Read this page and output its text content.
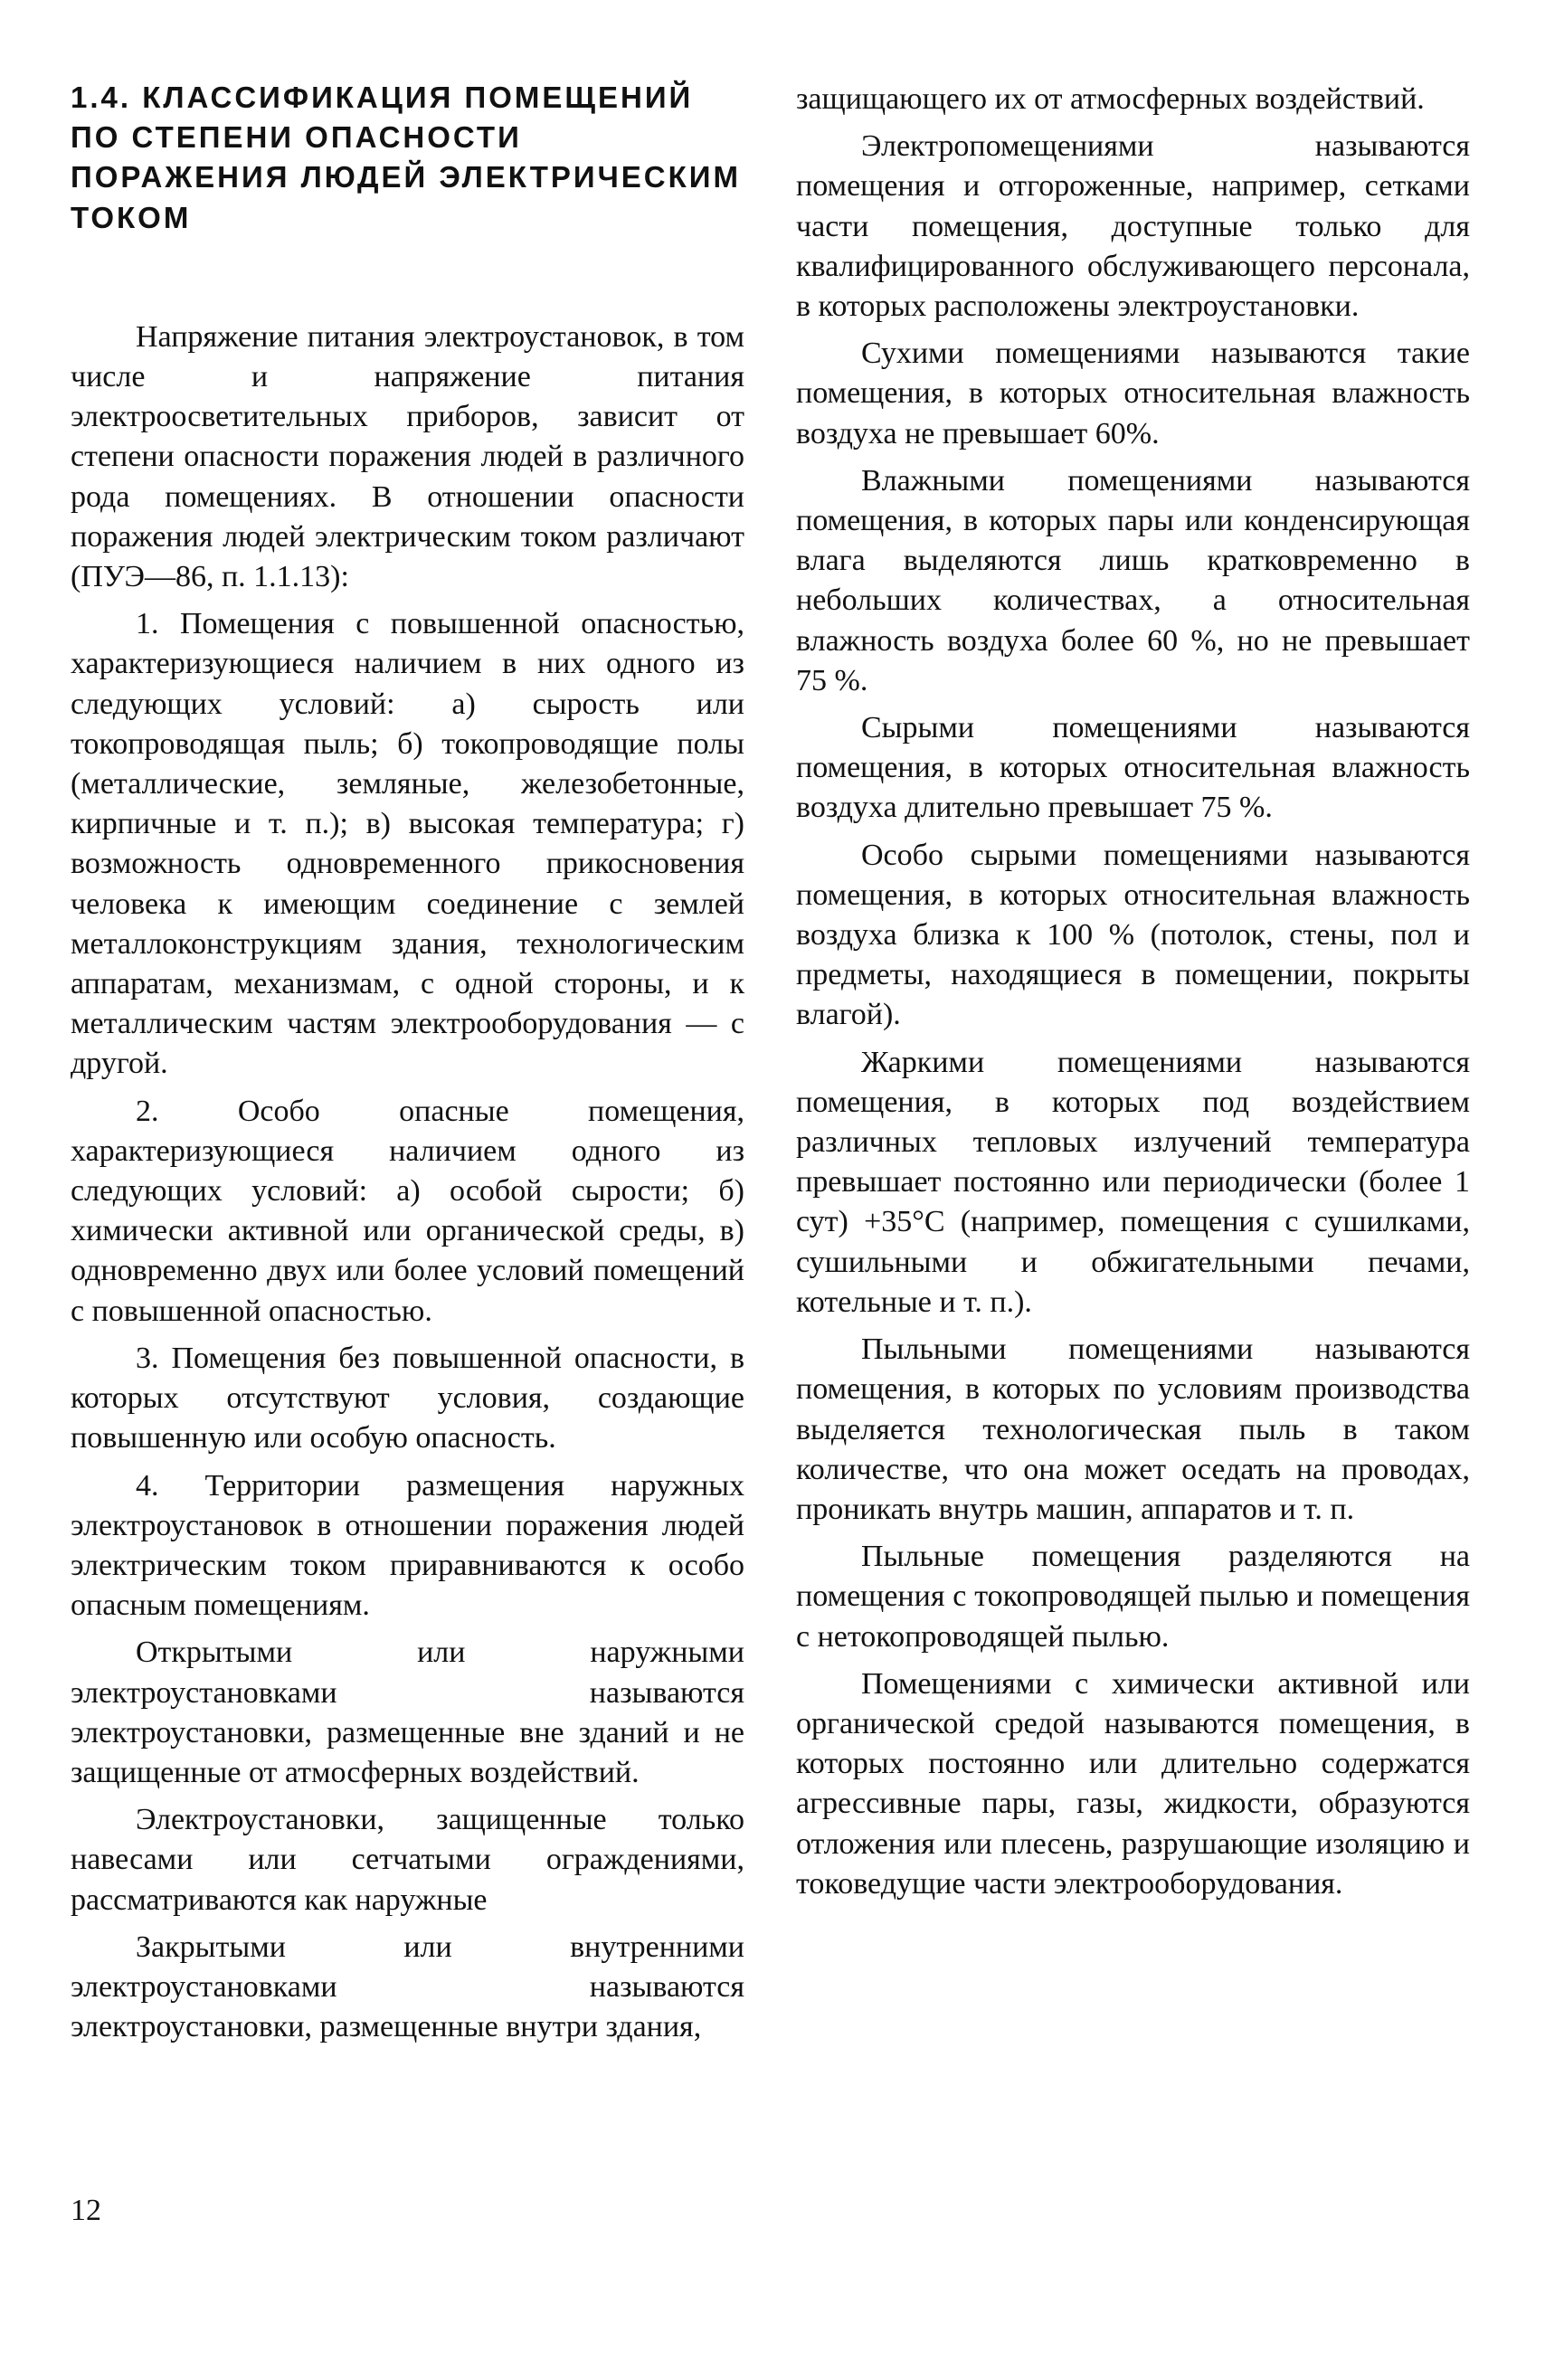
1.4. КЛАССИФИКАЦИЯ ПОМЕЩЕНИЙ ПО СТЕПЕНИ ОПАСНОСТИ ПОРАЖЕНИЯ ЛЮДЕЙ ЭЛЕКТРИЧЕСКИМ ТОКОМ

Напряжение питания электроустановок, в том числе и напряжение питания электроосветительных приборов, зависит от степени опасности поражения людей в различного рода помещениях. В отношении опасности поражения людей электрическим током различают (ПУЭ—86, п. 1.1.13):

1. Помещения с повышенной опасностью, характеризующиеся наличием в них одного из следующих условий: а) сырость или токопроводящая пыль; б) токопроводящие полы (металлические, земляные, железобетонные, кирпичные и т. п.); в) высокая температура; г) возможность одновременного прикосновения человека к имеющим соединение с землей металлоконструкциям здания, технологическим аппаратам, механизмам, с одной стороны, и к металлическим частям электрооборудования — с другой.

2. Особо опасные помещения, характеризующиеся наличием одного из следующих условий: а) особой сырости; б) химически активной или органической среды, в) одновременно двух или более условий помещений с повышенной опасностью.

3. Помещения без повышенной опасности, в которых отсутствуют условия, создающие повышенную или особую опасность.

4. Территории размещения наружных электроустановок в отношении поражения людей электрическим током приравниваются к особо опасным помещениям.

Открытыми или наружными электроустановками называются электроустановки, размещенные вне зданий и не защищенные от атмосферных воздействий.

Электроустановки, защищенные только навесами или сетчатыми ограждениями, рассматриваются как наружные

Закрытыми или внутренними электроустановками называются электроустановки, размещенные внутри здания,

защищающего их от атмосферных воздействий.

Электропомещениями называются помещения и отгороженные, например, сетками части помещения, доступные только для квалифицированного обслуживающего персонала, в которых расположены электроустановки.

Сухими помещениями называются такие помещения, в которых относительная влажность воздуха не превышает 60%.

Влажными помещениями называются помещения, в которых пары или конденсирующая влага выделяются лишь кратковременно в небольших количествах, а относительная влажность воздуха более 60 %, но не превышает 75 %.

Сырыми помещениями называются помещения, в которых относительная влажность воздуха длительно превышает 75 %.

Особо сырыми помещениями называются помещения, в которых относительная влажность воздуха близка к 100 % (потолок, стены, пол и предметы, находящиеся в помещении, покрыты влагой).

Жаркими помещениями называются помещения, в которых под воздействием различных тепловых излучений температура превышает постоянно или периодически (более 1 сут) +35°С (например, помещения с сушилками, сушильными и обжигательными печами, котельные и т. п.).

Пыльными помещениями называются помещения, в которых по условиям производства выделяется технологическая пыль в таком количестве, что она может оседать на проводах, проникать внутрь машин, аппаратов и т. п.

Пыльные помещения разделяются на помещения с токопроводящей пылью и помещения с нетокопроводящей пылью.

Помещениями с химически активной или органической средой называются помещения, в которых постоянно или длительно содержатся агрессивные пары, газы, жидкости, образуются отложения или плесень, разрушающие изоляцию и токоведущие части электрооборудования.

12
